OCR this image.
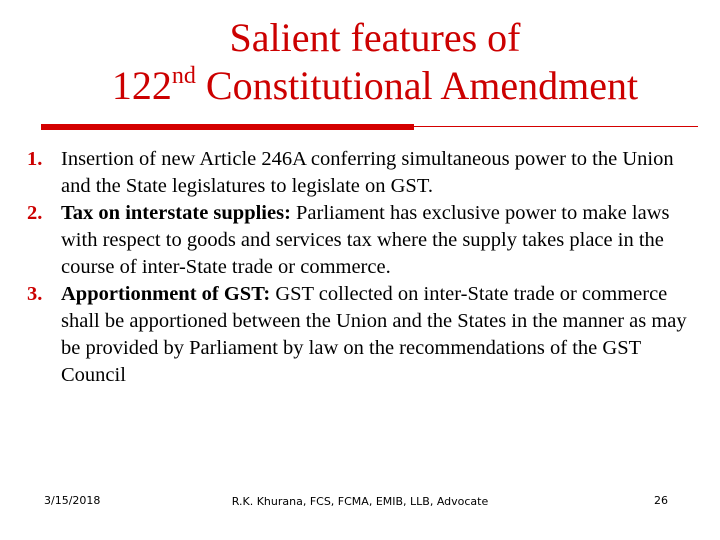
Salient features of
122nd Constitutional Amendment
1. Insertion of new Article 246A conferring simultaneous power to the Union and the State legislatures to legislate on GST.
2. Tax on interstate supplies: Parliament has exclusive power to make laws with respect to goods and services tax where the supply takes place in the course of inter-State trade or commerce.
3. Apportionment of GST: GST collected on inter-State trade or commerce shall be apportioned between the Union and the States in the manner as may be provided by Parliament by law on the recommendations of the GST Council
3/15/2018	R.K. Khurana, FCS, FCMA, EMIB, LLB, Advocate	26
